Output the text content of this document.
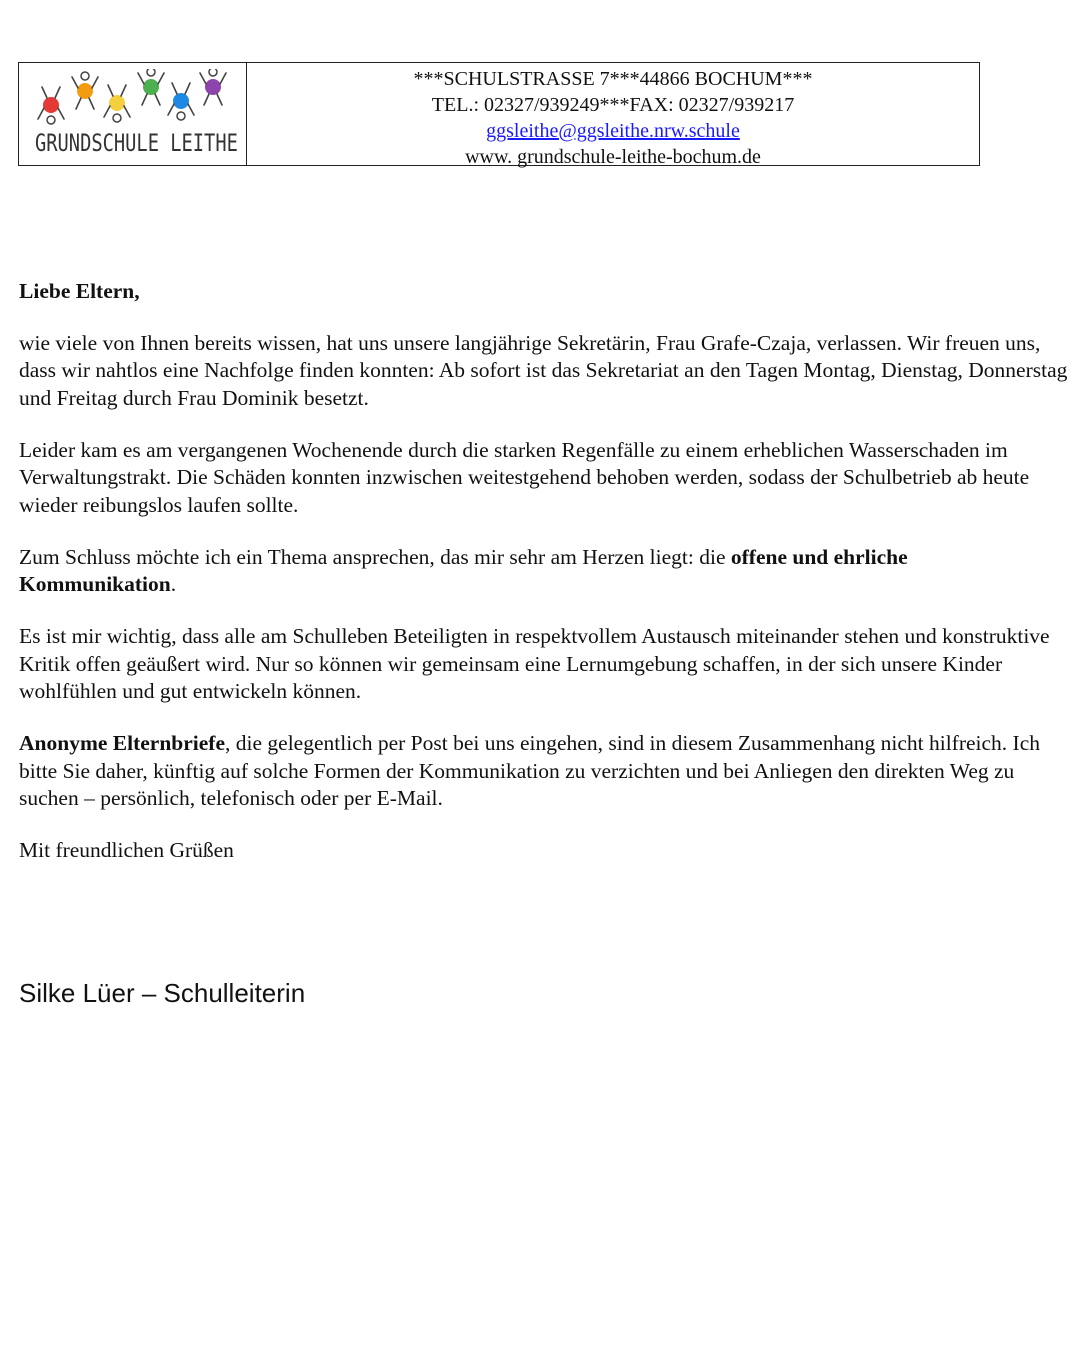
GRUNDSCHULE LEITHE
***SCHULSTRASSE 7***44866 BOCHUM***
TEL.: 02327/939249***FAX: 02327/939217
ggsleithe@ggsleithe.nrw.schule
www. grundschule-leithe-bochum.de

Liebe Eltern,

wie viele von Ihnen bereits wissen, hat uns unsere langjährige Sekretärin, Frau Grafe-Czaja, verlassen. Wir freuen uns, dass wir nahtlos eine Nachfolge finden konnten: Ab sofort ist das Sekretariat an den Tagen Montag, Dienstag, Donnerstag und Freitag durch Frau Dominik besetzt.

Leider kam es am vergangenen Wochenende durch die starken Regenfälle zu einem erheblichen Wasserschaden im Verwaltungstrakt. Die Schäden konnten inzwischen weitestgehend behoben werden, sodass der Schulbetrieb ab heute wieder reibungslos laufen sollte.

Zum Schluss möchte ich ein Thema ansprechen, das mir sehr am Herzen liegt: die offene und ehrliche Kommunikation.

Es ist mir wichtig, dass alle am Schulleben Beteiligten in respektvollem Austausch miteinander stehen und konstruktive Kritik offen geäußert wird. Nur so können wir gemeinsam eine Lernumgebung schaffen, in der sich unsere Kinder wohlfühlen und gut entwickeln können.

Anonyme Elternbriefe, die gelegentlich per Post bei uns eingehen, sind in diesem Zusammenhang nicht hilfreich. Ich bitte Sie daher, künftig auf solche Formen der Kommunikation zu verzichten und bei Anliegen den direkten Weg zu suchen – persönlich, telefonisch oder per E-Mail.

Mit freundlichen Grüßen

Silke Lüer – Schulleiterin
